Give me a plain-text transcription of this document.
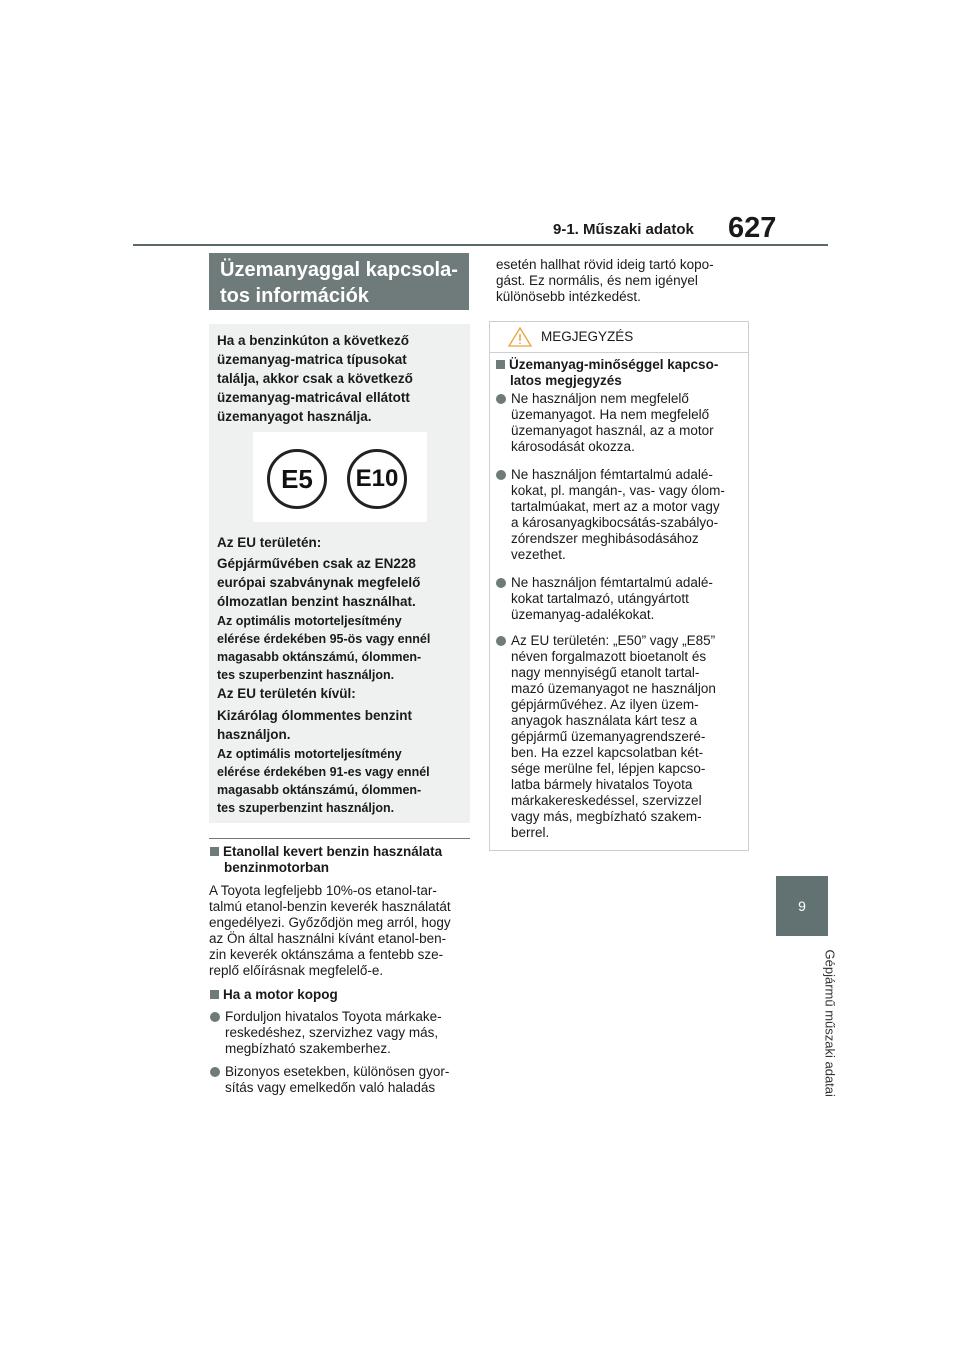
9-1. Műszaki adatok 627
9
Gépjármű műszaki adatai
Üzemanyaggal kapcsola-
tos információk
Ha a benzinkúton a következő
üzemanyag-matrica típusokat
találja, akkor csak a következő
üzemanyag-matricával ellátott
üzemanyagot használja.
E5	E10
Az EU területén:
Gépjárművében csak az EN228
európai szabványnak megfelelő
ólmozatlan benzint használhat.
Az optimális motorteljesítmény
elérése érdekében 95-ös vagy ennél
magasabb oktánszámú, ólommen-
tes szuperbenzint használjon.
Az EU területén kívül:
Kizárólag ólommentes benzint
használjon.
Az optimális motorteljesítmény
elérése érdekében 91-es vagy ennél
magasabb oktánszámú, ólommen-
tes szuperbenzint használjon.
Etanollal kevert benzin használata
benzinmotorban
A Toyota legfeljebb 10%-os etanol-tar-
talmú etanol-benzin keverék használatát
engedélyezi. Győződjön meg arról, hogy
az Ön által használni kívánt etanol-ben-
zin keverék oktánszáma a fentebb sze-
replő előírásnak megfelelő-e.
Ha a motor kopog
Forduljon hivatalos Toyota márkake-
reskedéshez, szervizhez vagy más,
megbízható szakemberhez.
Bizonyos esetekben, különösen gyor-
sítás vagy emelkedőn való haladás
esetén hallhat rövid ideig tartó kopo-
gást. Ez normális, és nem igényel
különösebb intézkedést.
MEGJEGYZÉS
Üzemanyag-minőséggel kapcso-
latos megjegyzés
Ne használjon nem megfelelő
üzemanyagot. Ha nem megfelelő
üzemanyagot használ, az a motor
károsodását okozza.
Ne használjon fémtartalmú adalé-
kokat, pl. mangán-, vas- vagy ólom-
tartalmúakat, mert az a motor vagy
a károsanyagkibocsátás-szabályo-
zórendszer meghibásodásához
vezethet.
Ne használjon fémtartalmú adalé-
kokat tartalmazó, utángyártott
üzemanyag-adalékokat.
Az EU területén: „E50” vagy „E85”
néven forgalmazott bioetanolt és
nagy mennyiségű etanolt tartal-
mazó üzemanyagot ne használjon
gépjárművéhez. Az ilyen üzem-
anyagok használata kárt tesz a
gépjármű üzemanyagrendszeré-
ben. Ha ezzel kapcsolatban két-
sége merülne fel, lépjen kapcso-
latba bármely hivatalos Toyota
márkakereskedéssel, szervizzel
vagy más, megbízható szakem-
berrel.
